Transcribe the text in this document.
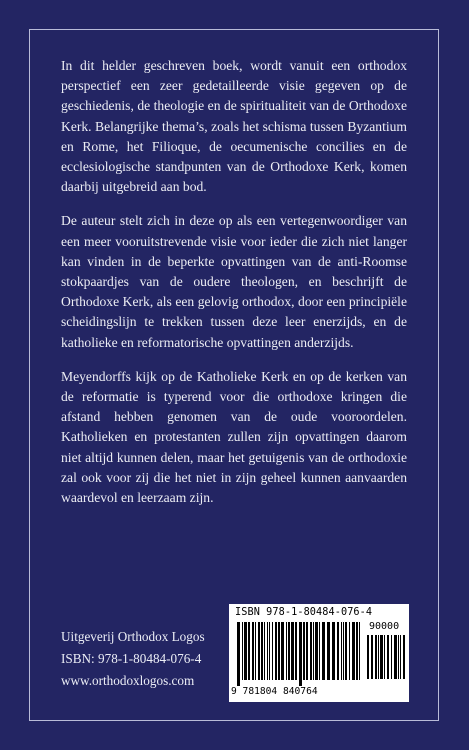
In dit helder geschreven boek, wordt vanuit een orthodox perspectief een zeer gedetailleerde visie gegeven op de geschiedenis, de theologie en de spiritualiteit van de Orthodoxe Kerk. Belangrijke thema’s, zoals het schisma tussen Byzantium en Rome, het Filioque, de oecumenische concilies en de ecclesiologische standpunten van de Orthodoxe Kerk, komen daarbij uitgebreid aan bod.

De auteur stelt zich in deze op als een vertegenwoordiger van een meer vooruitstrevende visie voor ieder die zich niet langer kan vinden in de beperkte opvattingen van de anti-Roomse stokpaardjes van de oudere theologen, en beschrijft de Orthodoxe Kerk, als een gelovig orthodox, door een principiële scheidingslijn te trekken tussen deze leer enerzijds, en de katholieke en reformatorische opvattingen anderzijds.

Meyendorffs kijk op de Katholieke Kerk en op de kerken van de reformatie is typerend voor die orthodoxe kringen die afstand hebben genomen van de oude vooroordelen. Katholieken en protestanten zullen zijn opvattingen daarom niet altijd kunnen delen, maar het getuigenis van de orthodoxie zal ook voor zij die het niet in zijn geheel kunnen aanvaarden waardevol en leerzaam zijn.

Uitgeverij Orthodox Logos
ISBN: 978-1-80484-076-4
www.orthodoxlogos.com
ISBN 978-1-80484-076-4
90000
9 781804 840764
